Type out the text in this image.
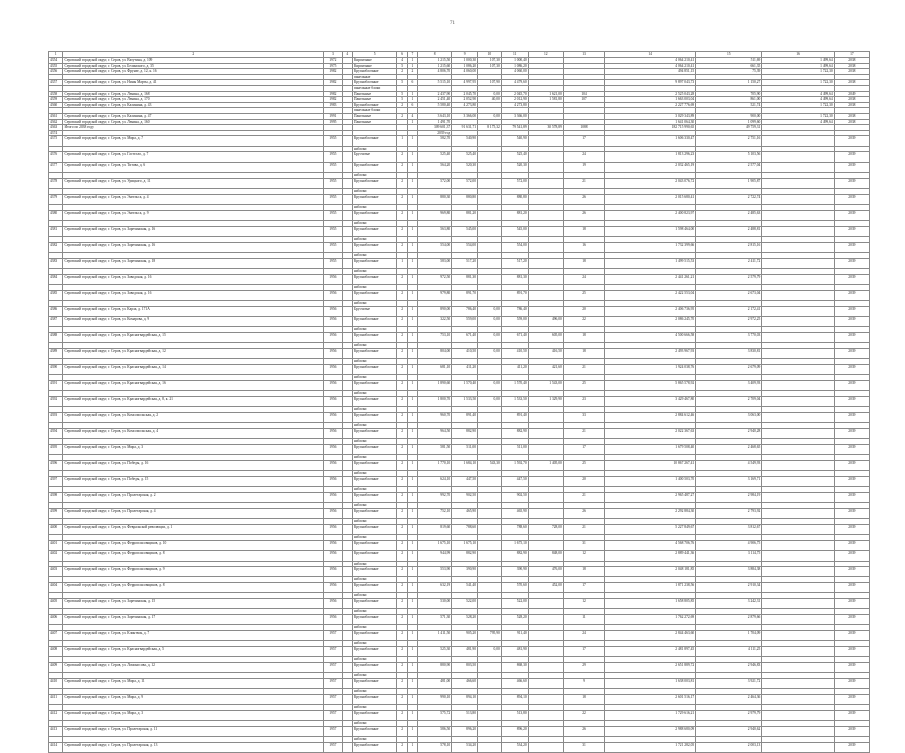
71
1	2	3	4	5	6	7	8	9	10	11	12	13	14	15	16	17
4354	Серовский городской округ, г. Серов, ул. Ватутина, д. 109	1972		Кирпичные	4	1	1 215,50	1 000,30	107,30	1 000,40			4 064 210,41	511,69	1 499,64	2038
4355	Серовский городской округ, г. Серов, ул. Белинского, д. 35	1975		Кирпичные	5	1	1 215,60	1 086,20	107,30	1 086,20			4 064 210,41	661,35	1 499,64	2038
4356	Серовский городской округ, г. Серов, ул. Фрунзе, д. 12, к. 16	1982		Крупноблочные	2	2	4 806,70	4 060,00		4 060,00			494 851,15	75,39	1 722,30	2038
				панельные												
4357	Серовский городской округ, г. Серов, ул. Нины Марты, д. 41	1982		Крупноблочные	5	6	5 515,10	4 997,95	107,90	4 479,60			9 897 043,73	1 150,27	1 722,30	2038
				панельные блоки												
4358	Серовский городской округ, г. Серов, ул. Ленина, д. 168	1982		Панельные	5	1	2 437,90	2 045,70	0,00	2 045,70	1 621,00	104	2 525 043,28	705,90	4 499,64	2049
4359	Серовский городской округ, г. Серов, ул. Ленина, д. 170	1982		Панельные	5	1	2 451,40	2 052,90	40,00	2 012,90	1 581,80	107	1 663 003,04	861,00	4 499,64	2038
4360	Серовский городской округ, г. Серов, ул. Калинина, д. 43	1983		Крупноблочные	2	6	5 580,40	4 273,80		4 273,80			2 227 776,69	521,74	1 722,30	2038
				панельные блоки												
4361	Серовский городской округ, г. Серов, ул. Калинина, д. 47	1991		Панельные	2	4	3 643,10	3 366,00	0,00	3 366,00			3 029 343,89	900,00	1 722,30	2038
4362	Серовский городской округ, г. Серов, ул. Ленина, д. 160	1995		Панельные		1	1 491,70						1 641 064,30	1 099,60	4 499,64	2038
4363	Итого по 2038 году						309 601,37	91 631,71	8 175,32	79 541,89	30 578,89	1088	182 715 990,65	49 759,31		
4374							2039 год									
4375	Серовский городской округ, г. Серов, ул. Мира, д. 7	1955		Крупноблочные	1	1	582,70	540,90		540,90		17	1 606 330,47	2 751,16		2039
				наблоки												
4376	Серовский городской округ, г. Серов, ул. Гастелло, д. 7	1955		Брусчатые	2	1	525,40	525,40		525,40		24	1 813 296,23	5 103,56		2039
4377	Серовский городской округ, г. Серов, ул. Титова, д. 6	1955		Крупноблочные	2	1	564,20	520,30		520,30		19	2 032 465,19	2 577,04		2039
				наблоки												
4378	Серовский городской округ, г. Серов, ул. Урицкого, д. 11	1955		Крупноблочные	2	1	572,00	572,00		572,00		21	2 043 076,72	1 905,87		2039
				наблоки												
4379	Серовский городской округ, г. Серов, ул. Энгельса, д. 4	1955		Крупноблочные	2	1	880,30	880,80		880,80		26	2 015 680,41	2 722,74		2039
				наблоки												
4380	Серовский городской округ, г. Серов, ул. Энгельса, д. 9	1955		Крупноблочные	2	1	969,80	881,20		881,20		26	2 400 823,97	2 485,63		2039
				наблоки												
4381	Серовский городской округ, г. Серов, ул. Заречинская, д. 16	1955		Крупноблочные	2	1	563,80	545,00		545,00		18	1 598 464,00	2 488,81		2039
				наблоки												
4382	Серовский городской округ, г. Серов, ул. Заречинская, д. 16	1955		Крупноблочные	2	1	554,00	554,00		554,00		16	1 732 399,66	2 815,16		2039
				наблоки												
4383	Серовский городской округ, г. Серов, ул. Заречинская, д. 18	1955		Крупноблочные	1	1	583,00	517,20		517,20		18	1 499 515,53	2 411,72		2039
				наблоки												
4384	Серовский городской округ, г. Серов, ул. Заводская, д. 16	1956		Крупноблочные	2	1	972,50	881,30		881,30		24	2 441 261,21	2 579,79		2039
				наблоки												
4385	Серовский городской округ, г. Серов, ул. Заводская, д. 16	1956		Крупноблочные	2	1	979,80	891,70		891,70		25	2 422 553,04	2 673,04		2039
				наблоки												
4386	Серовский городской округ, г. Серов, ул. Карла, д. 171А	1956		Брусчатые	2	1	890,00	786,40	0,00	786,40		20	2 406 736,95	2 172,41		2039
4387	Серовский городской округ, г. Серов, ул. Комарова, д. 9	1956		Крупноблочные	2	1	322,50	559,00	0,00	559,00	496,00	22	2 086 245,70	2 972,25		2039
				наблоки												
4388	Серовский городской округ, г. Серов, ул. Красногвардейская, д. 15	1956		Крупноблочные	2	1	753,10	671,40	0,00	671,40	605,00	18	4 500 666,58	3 770,03		2039
				наблоки												
4389	Серовский городской округ, г. Серов, ул. Красногвардейская, д. 12	1956		Крупноблочные	2	1	804,00	410,50	0,00	410,50	416,50	18	2 493 967,93	3 830,81		2039
				наблоки												
4390	Серовский городской округ, г. Серов, ул. Красногвардейская, д. 14	1956		Крупноблочные	2	1	681,10	411,20		411,20	421,60	21	1 924 038,76	2 679,09		2039
				наблоки												
4391	Серовский городской округ, г. Серов, ул. Красногвардейская, д. 16	1956		Крупноблочные	2	1	1 890,60	1 570,40	0,00	1 570,40	1 543,00	25	5 865 578,92	3 409,93		2039
				наблоки												
4392	Серовский городской округ, г. Серов, ул. Красногвардейская, д. 8, к. 21	1956		Крупноблочные	2	1	1 800,70	1 533,50	0,00	1 533,50	1 329,90	23	3 429 467,80	2 709,04		2039
				наблоки												
4393	Серовский городской округ, г. Серов, ул. Комсомольская, д. 2	1956		Крупноблочные	2	1	960,70	891,40		891,40		33	2 884 612,46	3 063,00		2039
				наблоки												
4394	Серовский городской округ, г. Серов, ул. Комсомольская, д. 4	1956		Крупноблочные	2	1	964,50	882,90		882,90		21	2 022 367,63	2 940,28		2039
				наблоки												
4395	Серовский городской округ, г. Серов, ул. Мира, д. 3	1956		Крупноблочные	2	1	581,50	511,00		511,00		17	1 679 508,40	2 468,65		2039
				наблоки												
4396	Серовский городской округ, г. Серов, ул. Победы, д. 16	1956		Крупноблочные	2	1	1 770,10	1 684,10	543,30	1 592,70	1 405,00	25	10 867 267,41	4 549,93		2039
				наблоки												
4397	Серовский городской округ, г. Серов, ул. Победы, д. 15	1956		Крупноблочные	2	1	624,10	447,50		447,50		20	1 400 503,70	3 169,71		2039
				наблоки												
4398	Серовский городской округ, г. Серов, ул. Пролетарская, д. 2	1956		Крупноблочные	2	1	992,70	902,50		902,50		21	2 965 487,27	2 984,19		2039
				наблоки												
4399	Серовский городской округ, г. Серов, ул. Пролетарская, д. 4	1956		Крупноблочные	2	1	752,10	465,90		465,90		26	2 292 884,30	2 793,92		2039
				наблоки												
4400	Серовский городской округ, г. Серов, ул. Февральской революции, д. 1	1956		Крупноблочные	2	1	819,60	788,60		788,60	728,00	21	5 227 849,67	3 812,67		2039
				наблоки												
4401	Серовский городской округ, г. Серов, ул. Ферропласовщиков, д. 10	1956		Крупноблочные	2	1	1 675,10	1 675,10		1 675,10		31	4 568 706,76	4 906,75		2039
4402	Серовский городской округ, г. Серов, ул. Ферропласовщиков, д. 8	1956		Крупноблочные	2	1	944,99	882,90		882,90	848,00	12	2 889 441,36	3 114,75		2039
				наблоки												
4403	Серовский городской округ, г. Серов, ул. Ферропласовщиков, д. 9	1956		Крупноблочные	2	1	553,90	390,90		390,90	476,00	18	2 048 181,85	3 884,38		2039
				наблоки												
4404	Серовский городской округ, г. Серов, ул. Ферропласовщиков, д. 8	1956		Крупноблочные	2	1	632,19	541,40		570,60	452,00	17	1 871 238,56	2 910,34		2039
				наблоки												
4405	Серовский городской округ, г. Серов, ул. Заречинская, д. 15	1956		Крупноблочные	2	1	530,00	522,00		522,00		12	1 658 805,85	3 242,31		2039
				наблоки												
4406	Серовский городской округ, г. Серов, ул. Заречинская, д. 17	1956		Крупноблочные	2	1	571,30	528,20		528,20		11	1 762 272,69	2 879,66		2039
				наблоки												
4407	Серовский городской округ, г. Серов, ул. Клинтвоя, д. 7	1957		Крупноблочные	2	1	1 411,50	905,20	795,90	911,40		24	2 844 463,60	1 704,09		2039
				наблоки												
4408	Серовский городской округ, г. Серов, ул. Красногвардейская, д. 5	1957		Крупноблочные	2	1	525,30	481,90	0,00	481,90		17	2 481 897,45	4 111,25		2039
				наблоки												
4409	Серовский городской округ, г. Серов, ул. Ломоносова, д. 12	1957		Крупноблочные	2	1	880,90	803,50		868,30		29	2 651 889,72	2 946,83		2039
				наблоки												
4410	Серовский городской округ, г. Серов, ул. Мира, д. 11	1957		Крупноблочные	2	1	481,00	466,60		466,60		9	1 638 003,81	3 921,72		2039
				наблоки												
4411	Серовский городской округ, г. Серов, ул. Мира, д. 9	1957		Крупноблочные	2	1	990,10	894,10		894,10		18	2 601 516,17	2 464,36		2039
				наблоки												
4412	Серовский городской округ, г. Серов, ул. Мира, д. 3	1957		Крупноблочные	2	1	575,72	513,80		513,80		22	1 729 616,21	2 979,79		2039
				наблоки												
4413	Серовский городской округ, г. Серов, ул. Пролетарская, д. 11	1957		Крупноблочные	2	1	586,50	896,20		896,20		26	2 988 680,09	2 940,62		2039
				наблоки												
4414	Серовский городской округ, г. Серов, ул. Пролетарская, д. 13	1957		Крупноблочные	2	1	578,10	534,20		534,20		31	1 721 282,05	2 003,13		2039
